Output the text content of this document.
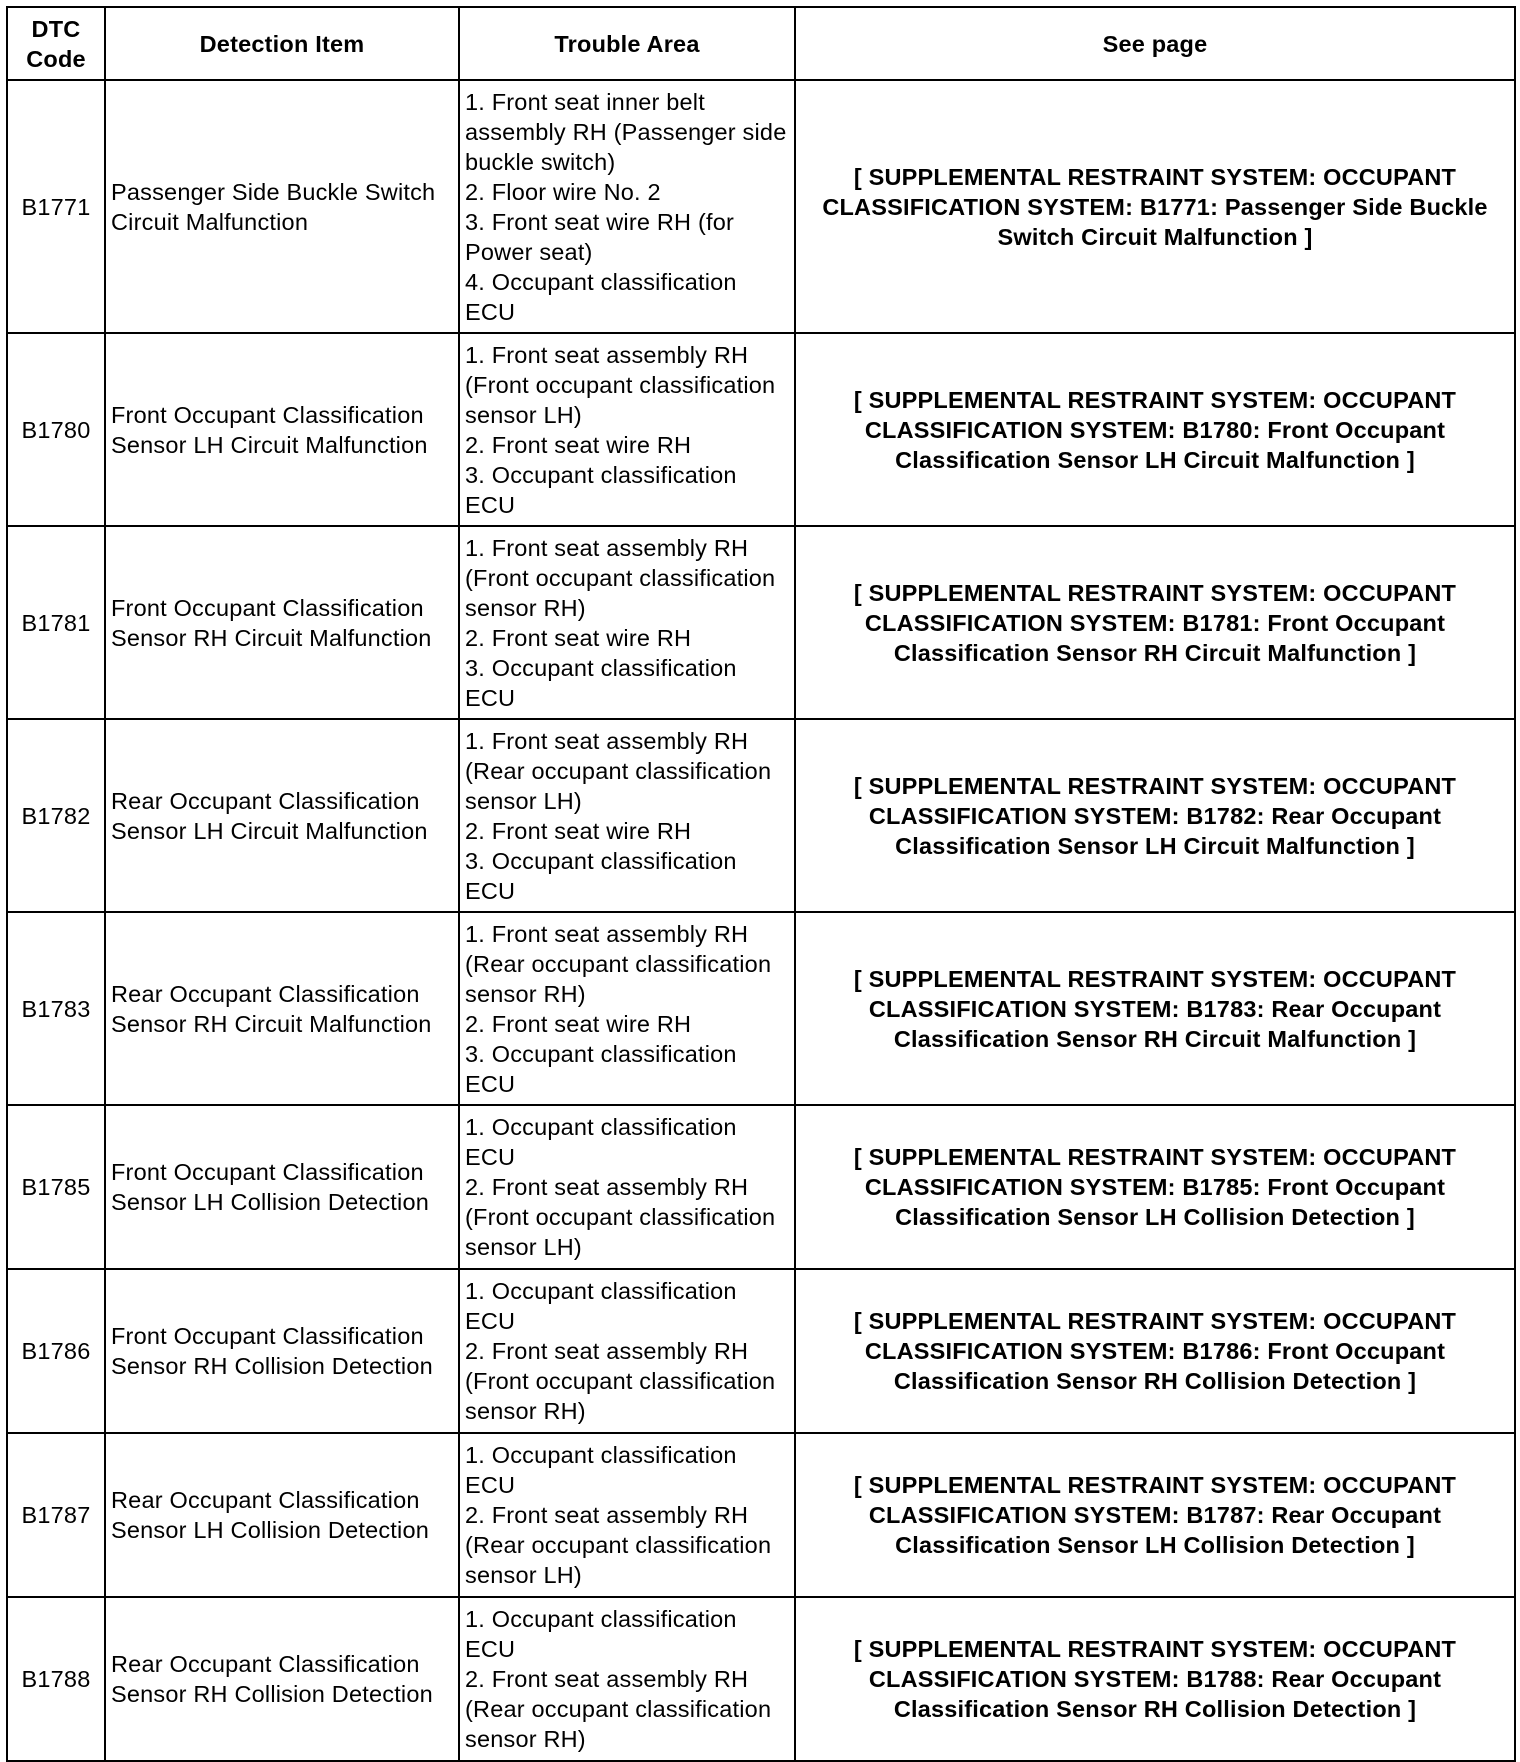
DTC Code	Detection Item	Trouble Area	See page
B1771	Passenger Side Buckle Switch Circuit Malfunction	1. Front seat inner belt assembly RH (Passenger side buckle switch)
2. Floor wire No. 2
3. Front seat wire RH (for Power seat)
4. Occupant classification ECU	[ SUPPLEMENTAL RESTRAINT SYSTEM: OCCUPANT CLASSIFICATION SYSTEM: B1771: Passenger Side Buckle Switch Circuit Malfunction ]
B1780	Front Occupant Classification Sensor LH Circuit Malfunction	1. Front seat assembly RH (Front occupant classification sensor LH)
2. Front seat wire RH
3. Occupant classification ECU	[ SUPPLEMENTAL RESTRAINT SYSTEM: OCCUPANT CLASSIFICATION SYSTEM: B1780: Front Occupant Classification Sensor LH Circuit Malfunction ]
B1781	Front Occupant Classification Sensor RH Circuit Malfunction	1. Front seat assembly RH (Front occupant classification sensor RH)
2. Front seat wire RH
3. Occupant classification ECU	[ SUPPLEMENTAL RESTRAINT SYSTEM: OCCUPANT CLASSIFICATION SYSTEM: B1781: Front Occupant Classification Sensor RH Circuit Malfunction ]
B1782	Rear Occupant Classification Sensor LH Circuit Malfunction	1. Front seat assembly RH (Rear occupant classification sensor LH)
2. Front seat wire RH
3. Occupant classification ECU	[ SUPPLEMENTAL RESTRAINT SYSTEM: OCCUPANT CLASSIFICATION SYSTEM: B1782: Rear Occupant Classification Sensor LH Circuit Malfunction ]
B1783	Rear Occupant Classification Sensor RH Circuit Malfunction	1. Front seat assembly RH (Rear occupant classification sensor RH)
2. Front seat wire RH
3. Occupant classification ECU	[ SUPPLEMENTAL RESTRAINT SYSTEM: OCCUPANT CLASSIFICATION SYSTEM: B1783: Rear Occupant Classification Sensor RH Circuit Malfunction ]
B1785	Front Occupant Classification Sensor LH Collision Detection	1. Occupant classification ECU
2. Front seat assembly RH (Front occupant classification sensor LH)	[ SUPPLEMENTAL RESTRAINT SYSTEM: OCCUPANT CLASSIFICATION SYSTEM: B1785: Front Occupant Classification Sensor LH Collision Detection ]
B1786	Front Occupant Classification Sensor RH Collision Detection	1. Occupant classification ECU
2. Front seat assembly RH (Front occupant classification sensor RH)	[ SUPPLEMENTAL RESTRAINT SYSTEM: OCCUPANT CLASSIFICATION SYSTEM: B1786: Front Occupant Classification Sensor RH Collision Detection ]
B1787	Rear Occupant Classification Sensor LH Collision Detection	1. Occupant classification ECU
2. Front seat assembly RH (Rear occupant classification sensor LH)	[ SUPPLEMENTAL RESTRAINT SYSTEM: OCCUPANT CLASSIFICATION SYSTEM: B1787: Rear Occupant Classification Sensor LH Collision Detection ]
B1788	Rear Occupant Classification Sensor RH Collision Detection	1. Occupant classification ECU
2. Front seat assembly RH (Rear occupant classification sensor RH)	[ SUPPLEMENTAL RESTRAINT SYSTEM: OCCUPANT CLASSIFICATION SYSTEM: B1788: Rear Occupant Classification Sensor RH Collision Detection ]
